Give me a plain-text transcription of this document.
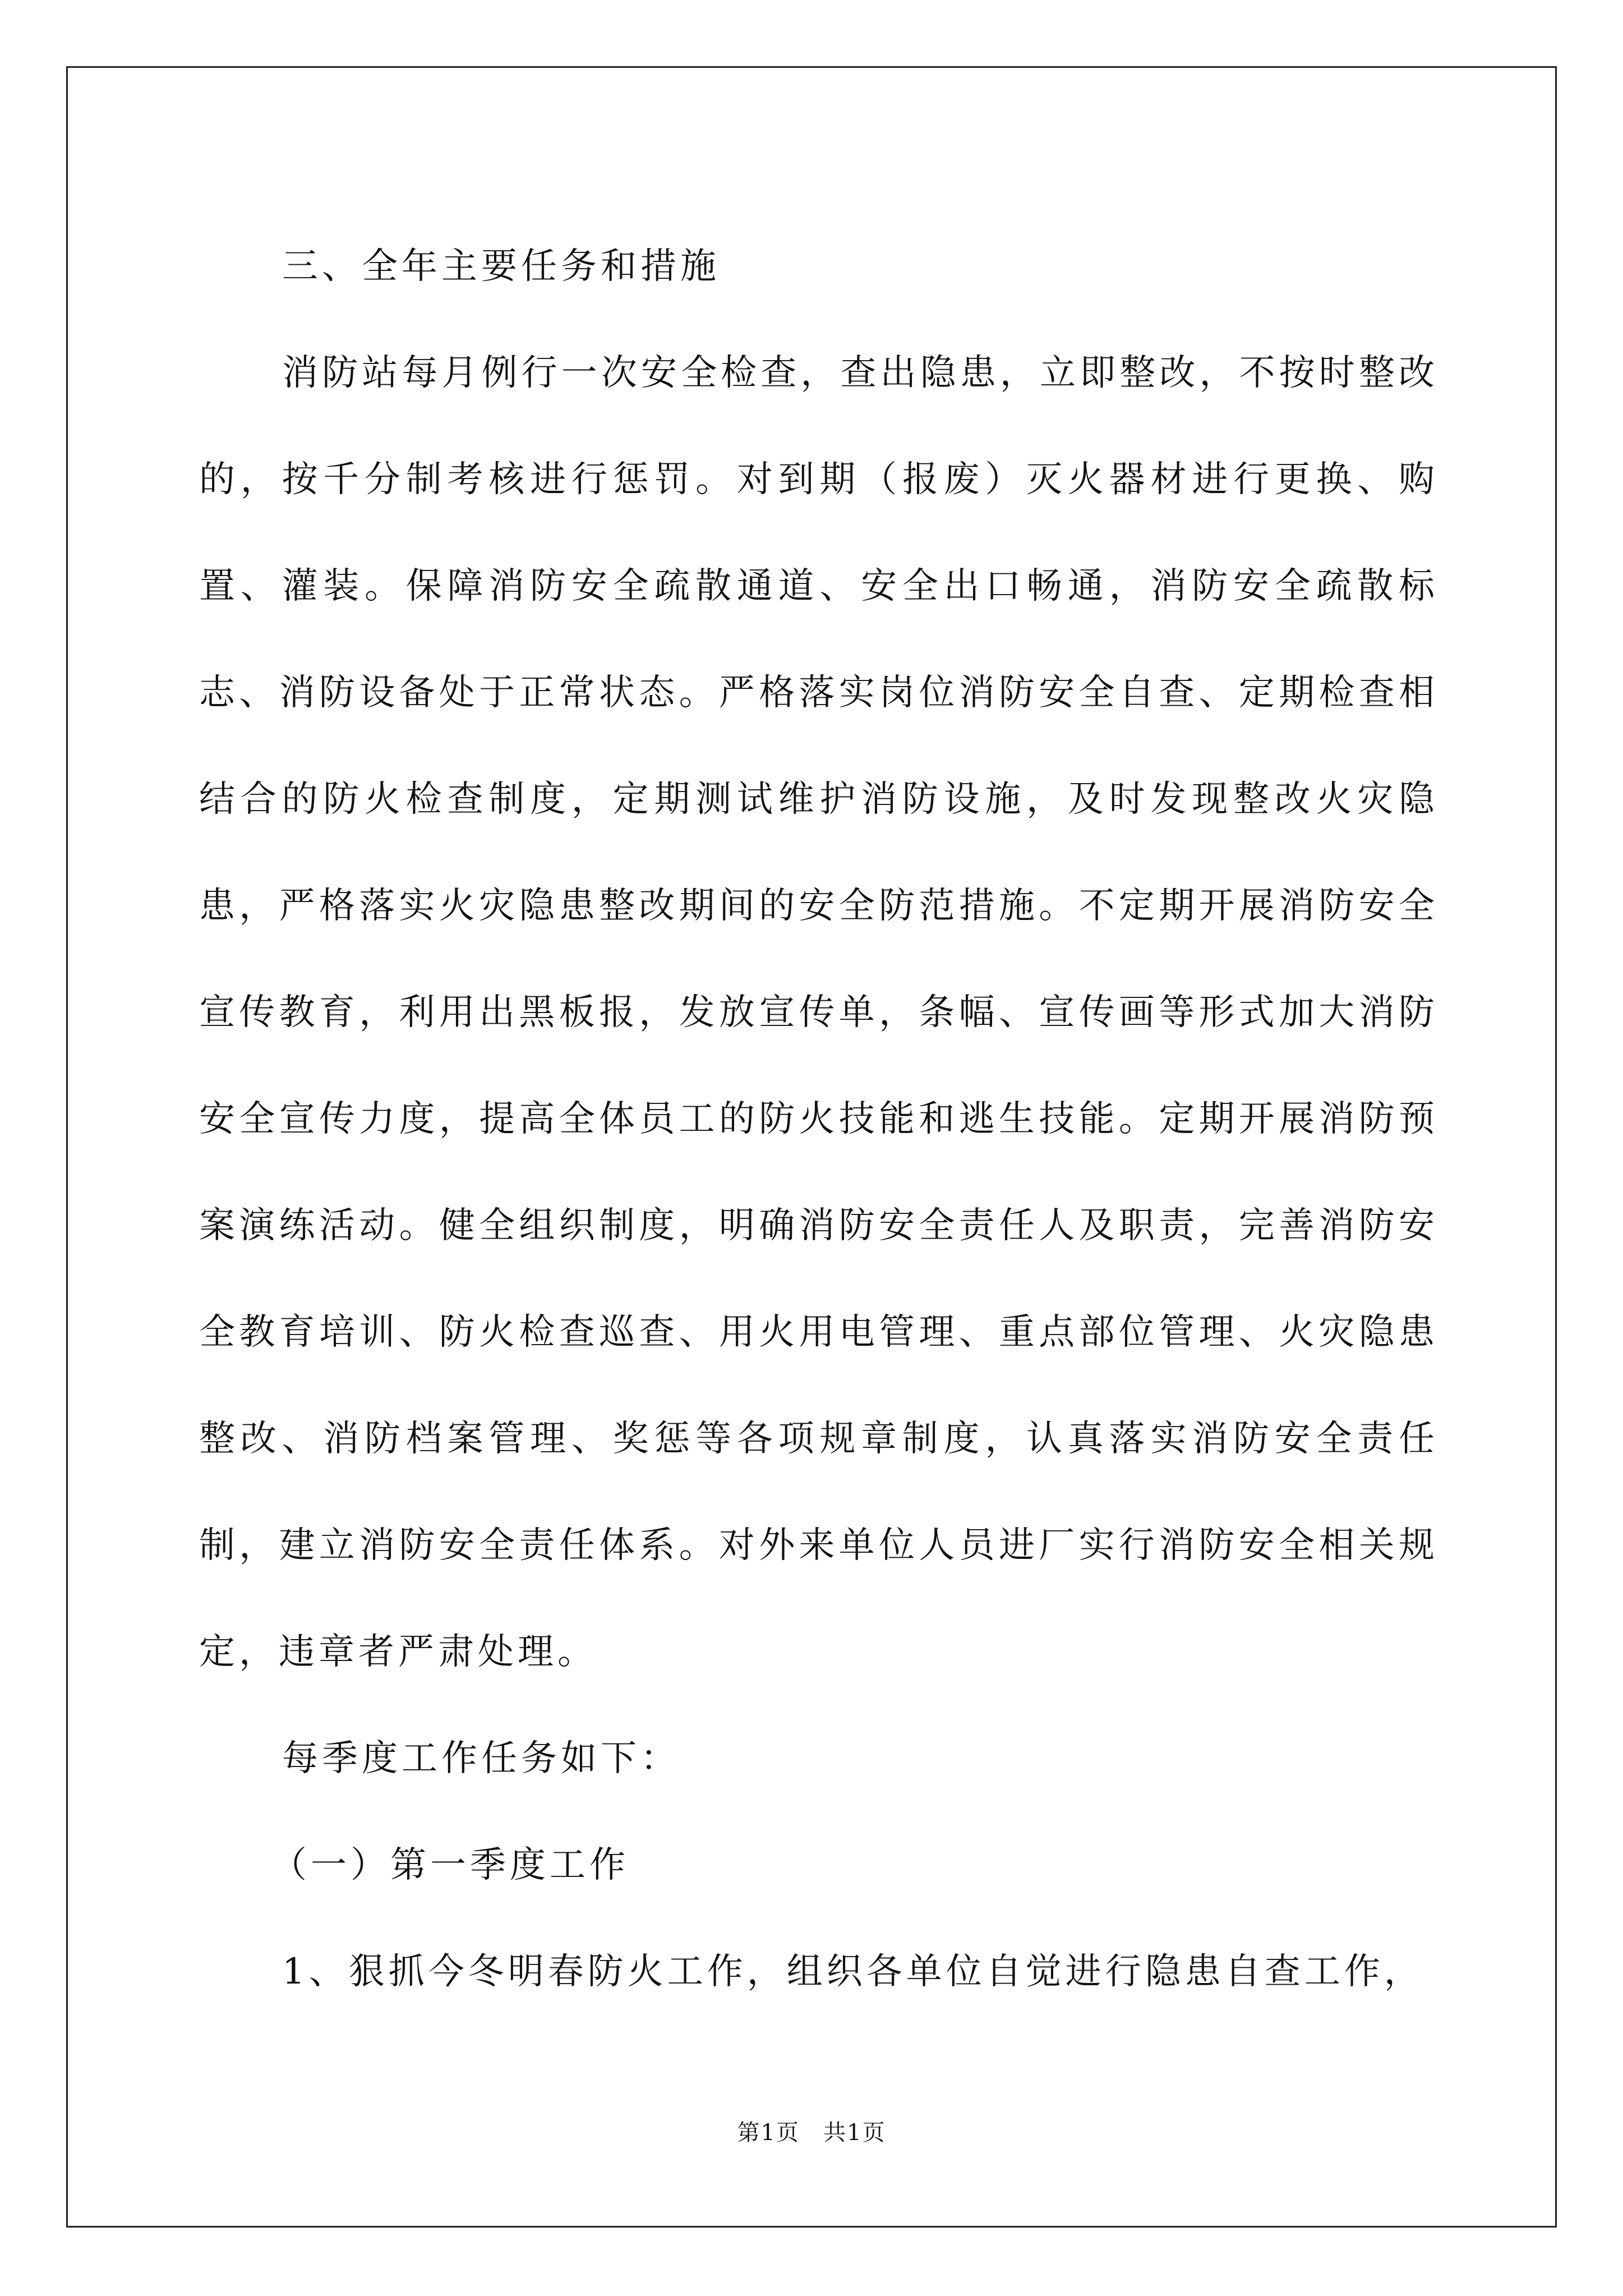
三、全年主要任务和措施

消防站每月例行一次安全检查，查出隐患，立即整改，不按时整改的，按千分制考核进行惩罚。对到期（报废）灭火器材进行更换、购置、灌装。保障消防安全疏散通道、安全出口畅通，消防安全疏散标志、消防设备处于正常状态。严格落实岗位消防安全自查、定期检查相结合的防火检查制度，定期测试维护消防设施，及时发现整改火灾隐患，严格落实火灾隐患整改期间的安全防范措施。不定期开展消防安全宣传教育，利用出黑板报，发放宣传单，条幅、宣传画等形式加大消防安全宣传力度，提高全体员工的防火技能和逃生技能。定期开展消防预案演练活动。健全组织制度，明确消防安全责任人及职责，完善消防安全教育培训、防火检查巡查、用火用电管理、重点部位管理、火灾隐患整改、消防档案管理、奖惩等各项规章制度，认真落实消防安全责任制，建立消防安全责任体系。对外来单位人员进厂实行消防安全相关规定，违章者严肃处理。

每季度工作任务如下：

（一）第一季度工作

1、狠抓今冬明春防火工作，组织各单位自觉进行隐患自查工作，

第1页　共1页
